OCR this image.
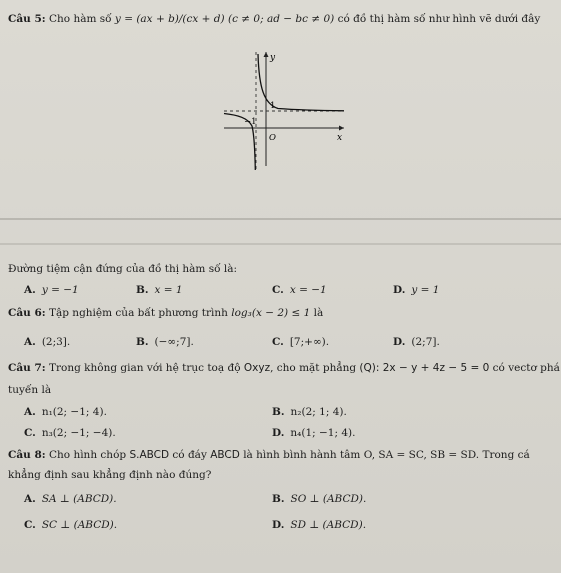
Câu 5: Cho hàm số y = (ax + b)/(cx + d) (c ≠ 0; ad − bc ≠ 0) có đồ thị hàm số như hình vẽ dưới đây
y
x
1
−1
O
Đường tiệm cận đứng của đồ thị hàm số là:
A. y = −1	B. x = 1	C. x = −1	D. y = 1
Câu 6: Tập nghiệm của bất phương trình log₃(x − 2) ≤ 1 là
A. (2;3].	B. (−∞;7].	C. [7;+∞).	D. (2;7].
Câu 7: Trong không gian với hệ trục toạ độ Oxyz, cho mặt phẳng (Q): 2x − y + 4z − 5 = 0 có vectơ phá
tuyến là
A. n₁(2; −1; 4).	B. n₂(2; 1; 4).
C. n₃(2; −1; −4).	D. n₄(1; −1; 4).
Câu 8: Cho hình chóp S.ABCD có đáy ABCD là hình bình hành tâm O, SA = SC, SB = SD. Trong cá
khẳng định sau khẳng định nào đúng?
A. SA ⊥ (ABCD).	B. SO ⊥ (ABCD).
C. SC ⊥ (ABCD).	D. SD ⊥ (ABCD).
